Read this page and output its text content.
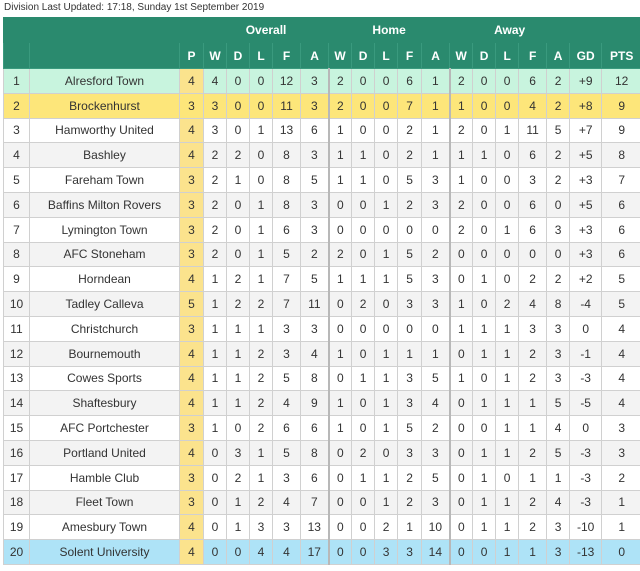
Division Last Updated: 17:18, Sunday 1st September 2019
			Overall					Home					Away						
		P	W	D	L	F	A	W	D	L	F	A	W	D	L	F	A	GD	PTS
1	Alresford Town	4	4	0	0	12	3	2	0	0	6	1	2	0	0	6	2	+9	12
2	Brockenhurst	3	3	0	0	11	3	2	0	0	7	1	1	0	0	4	2	+8	9
3	Hamworthy United	4	3	0	1	13	6	1	0	0	2	1	2	0	1	11	5	+7	9
4	Bashley	4	2	2	0	8	3	1	1	0	2	1	1	1	0	6	2	+5	8
5	Fareham Town	3	2	1	0	8	5	1	1	0	5	3	1	0	0	3	2	+3	7
6	Baffins Milton Rovers	3	2	0	1	8	3	0	0	1	2	3	2	0	0	6	0	+5	6
7	Lymington Town	3	2	0	1	6	3	0	0	0	0	0	2	0	1	6	3	+3	6
8	AFC Stoneham	3	2	0	1	5	2	2	0	1	5	2	0	0	0	0	0	+3	6
9	Horndean	4	1	2	1	7	5	1	1	1	5	3	0	1	0	2	2	+2	5
10	Tadley Calleva	5	1	2	2	7	11	0	2	0	3	3	1	0	2	4	8	-4	5
11	Christchurch	3	1	1	1	3	3	0	0	0	0	0	1	1	1	3	3	0	4
12	Bournemouth	4	1	1	2	3	4	1	0	1	1	1	0	1	1	2	3	-1	4
13	Cowes Sports	4	1	1	2	5	8	0	1	1	3	5	1	0	1	2	3	-3	4
14	Shaftesbury	4	1	1	2	4	9	1	0	1	3	4	0	1	1	1	5	-5	4
15	AFC Portchester	3	1	0	2	6	6	1	0	1	5	2	0	0	1	1	4	0	3
16	Portland United	4	0	3	1	5	8	0	2	0	3	3	0	1	1	2	5	-3	3
17	Hamble Club	3	0	2	1	3	6	0	1	1	2	5	0	1	0	1	1	-3	2
18	Fleet Town	3	0	1	2	4	7	0	0	1	2	3	0	1	1	2	4	-3	1
19	Amesbury Town	4	0	1	3	3	13	0	0	2	1	10	0	1	1	2	3	-10	1
20	Solent University	4	0	0	4	4	17	0	0	3	3	14	0	0	1	1	3	-13	0
